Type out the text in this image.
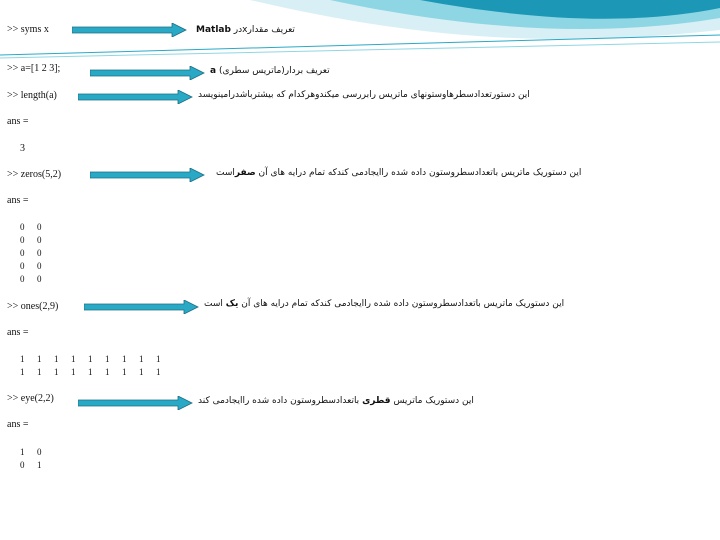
>> syms x	تعریف مقدارxدر Matlab
>> a=[1 2 3];	a تعریف بردار(ماتریس سطری)
>> length(a)	این دستورتعدادسطرهاوستونهای ماتریس رابررسی میکندوهرکدام که بیشترباشدرامینویسد
ans =
3
>> zeros(5,2)	این دستوریک ماتریس باتعدادسطروستون داده شده راایجادمی کندکه تمام درایه های آن صفراست
ans =
0	0
0	0
0	0
0	0
0	0
>> ones(2,9)	این دستوریک ماتریس باتعدادسطروستون داده شده راایجادمی کندکه تمام درایه های آن یک است
ans =
1	1	1	1	1	1	1	1	1
1	1	1	1	1	1	1	1	1
>> eye(2,2)	این دستوریک ماتریس قطری باتعدادسطروستون داده شده راایجادمی کند
ans =
1	0
0	1
